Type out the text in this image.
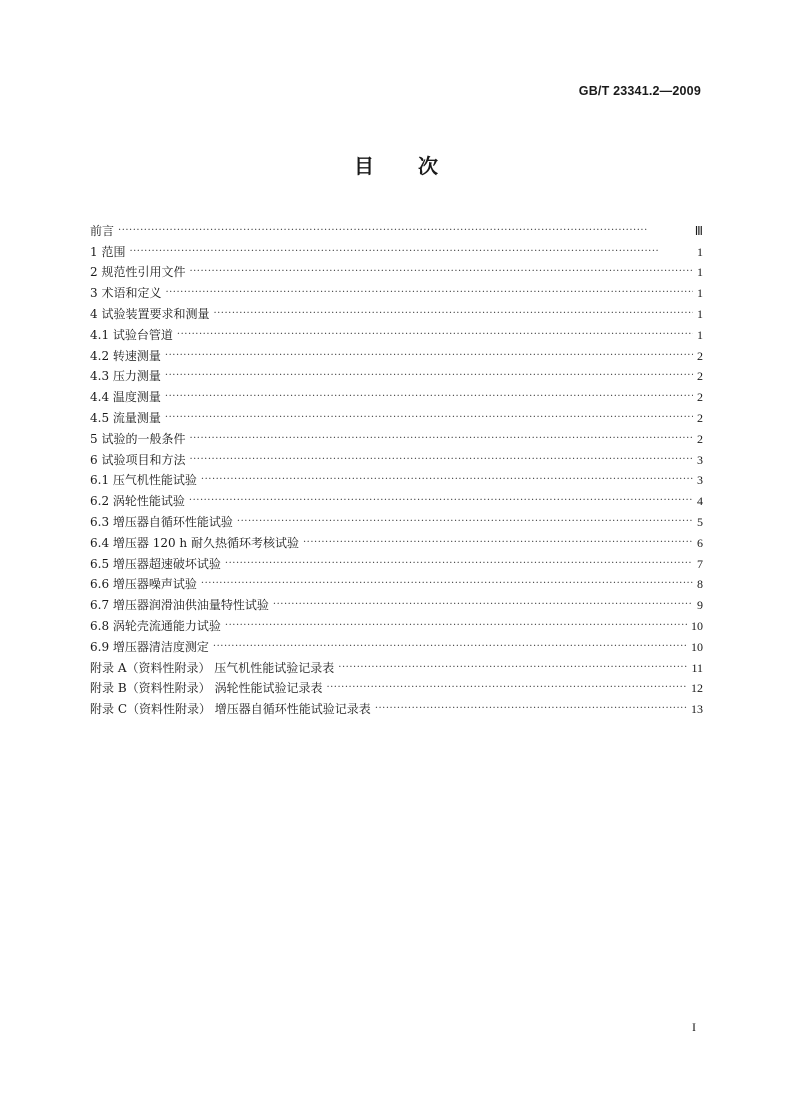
GB/T 23341.2—2009
目 次
前言 ·····	Ⅲ
1 范围 ·····	1
2 规范性引用文件 ·····	1
3 术语和定义 ·····	1
4 试验装置要求和测量 ·····	1
4.1 试验台管道 ·····	1
4.2 转速测量 ·····	2
4.3 压力测量 ·····	2
4.4 温度测量 ·····	2
4.5 流量测量 ·····	2
5 试验的一般条件 ·····	2
6 试验项目和方法 ·····	3
6.1 压气机性能试验 ·····	3
6.2 涡轮性能试验 ·····	4
6.3 增压器自循环性能试验 ·····	5
6.4 增压器 120 h 耐久热循环考核试验 ·····	6
6.5 增压器超速破坏试验 ·····	7
6.6 增压器噪声试验 ·····	8
6.7 增压器润滑油供油量特性试验 ·····	9
6.8 涡轮壳流通能力试验 ·····	10
6.9 增压器清洁度测定 ·····	10
附录 A（资料性附录） 压气机性能试验记录表 ·····	11
附录 B（资料性附录） 涡轮性能试验记录表 ·····	12
附录 C（资料性附录） 增压器自循环性能试验记录表 ·····	13
I
